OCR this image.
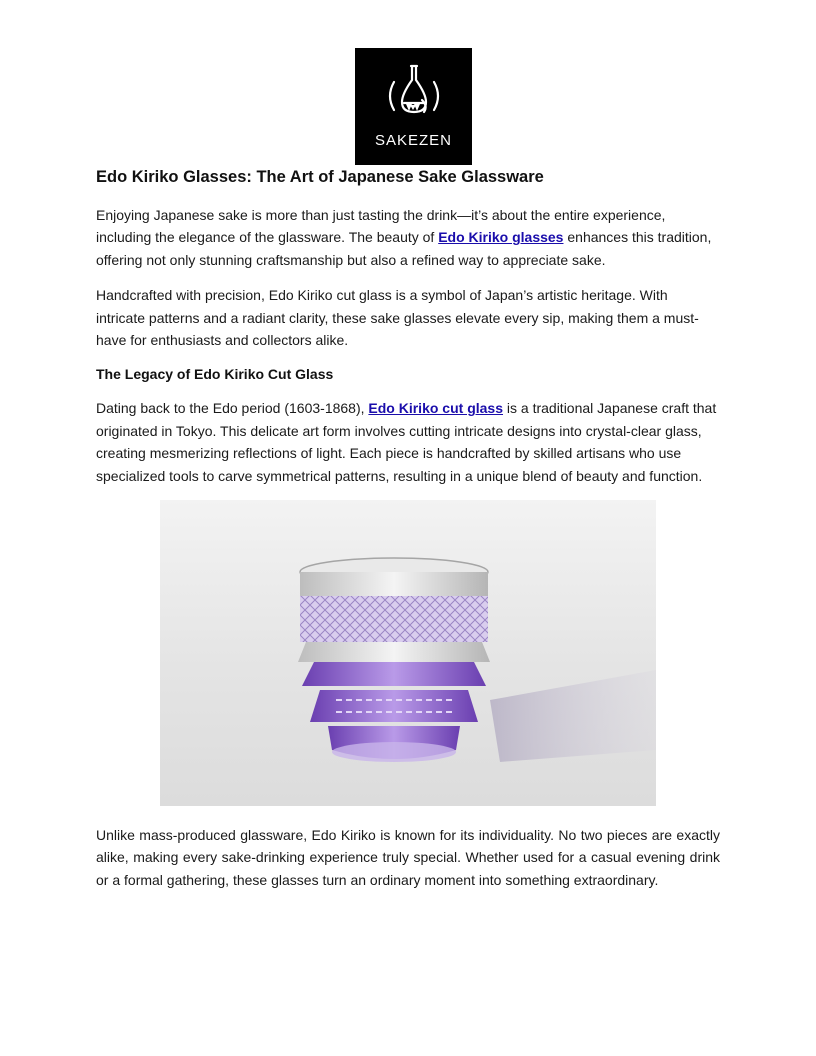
SAKEZEN
Edo Kiriko Glasses: The Art of Japanese Sake Glassware

Enjoying Japanese sake is more than just tasting the drink—it’s about the entire experience, including the elegance of the glassware. The beauty of Edo Kiriko glasses enhances this tradition, offering not only stunning craftsmanship but also a refined way to appreciate sake.

Handcrafted with precision, Edo Kiriko cut glass is a symbol of Japan’s artistic heritage. With intricate patterns and a radiant clarity, these sake glasses elevate every sip, making them a must-have for enthusiasts and collectors alike.

The Legacy of Edo Kiriko Cut Glass

Dating back to the Edo period (1603-1868), Edo Kiriko cut glass is a traditional Japanese craft that originated in Tokyo. This delicate art form involves cutting intricate designs into crystal-clear glass, creating mesmerizing reflections of light. Each piece is handcrafted by skilled artisans who use specialized tools to carve symmetrical patterns, resulting in a unique blend of beauty and function.

Unlike mass-produced glassware, Edo Kiriko is known for its individuality. No two pieces are exactly alike, making every sake-drinking experience truly special. Whether used for a casual evening drink or a formal gathering, these glasses turn an ordinary moment into something extraordinary.
